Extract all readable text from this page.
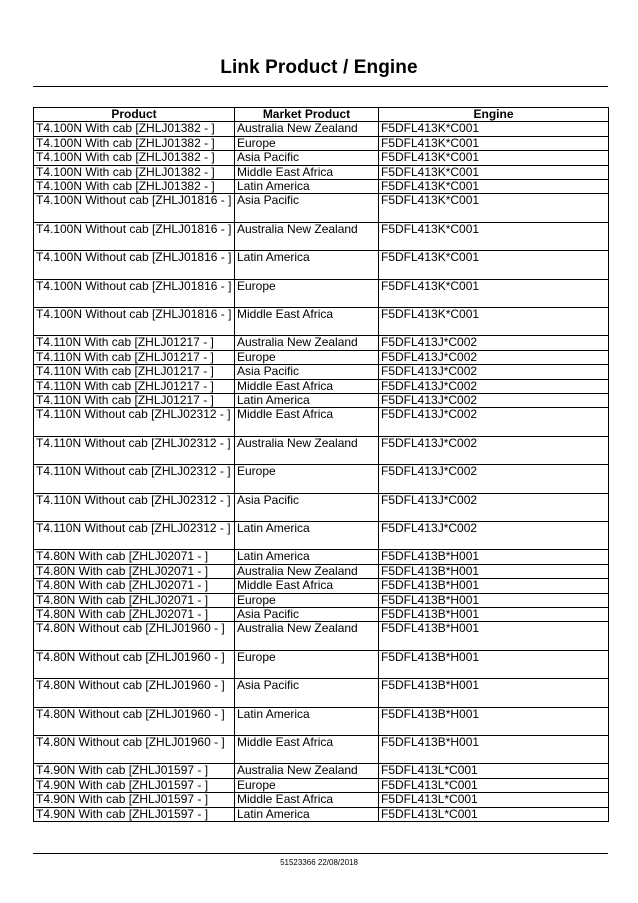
Link Product / Engine
Product	Market Product	Engine
T4.100N With cab [ZHLJ01382 - ]	Australia New Zealand	F5DFL413K*C001
T4.100N With cab [ZHLJ01382 - ]	Europe	F5DFL413K*C001
T4.100N With cab [ZHLJ01382 - ]	Asia Pacific	F5DFL413K*C001
T4.100N With cab [ZHLJ01382 - ]	Middle East Africa	F5DFL413K*C001
T4.100N With cab [ZHLJ01382 - ]	Latin America	F5DFL413K*C001
T4.100N Without cab [ZHLJ01816 - ]	Asia Pacific	F5DFL413K*C001
T4.100N Without cab [ZHLJ01816 - ]	Australia New Zealand	F5DFL413K*C001
T4.100N Without cab [ZHLJ01816 - ]	Latin America	F5DFL413K*C001
T4.100N Without cab [ZHLJ01816 - ]	Europe	F5DFL413K*C001
T4.100N Without cab [ZHLJ01816 - ]	Middle East Africa	F5DFL413K*C001
T4.110N With cab [ZHLJ01217 - ]	Australia New Zealand	F5DFL413J*C002
T4.110N With cab [ZHLJ01217 - ]	Europe	F5DFL413J*C002
T4.110N With cab [ZHLJ01217 - ]	Asia Pacific	F5DFL413J*C002
T4.110N With cab [ZHLJ01217 - ]	Middle East Africa	F5DFL413J*C002
T4.110N With cab [ZHLJ01217 - ]	Latin America	F5DFL413J*C002
T4.110N Without cab [ZHLJ02312 - ]	Middle East Africa	F5DFL413J*C002
T4.110N Without cab [ZHLJ02312 - ]	Australia New Zealand	F5DFL413J*C002
T4.110N Without cab [ZHLJ02312 - ]	Europe	F5DFL413J*C002
T4.110N Without cab [ZHLJ02312 - ]	Asia Pacific	F5DFL413J*C002
T4.110N Without cab [ZHLJ02312 - ]	Latin America	F5DFL413J*C002
T4.80N With cab [ZHLJ02071 - ]	Latin America	F5DFL413B*H001
T4.80N With cab [ZHLJ02071 - ]	Australia New Zealand	F5DFL413B*H001
T4.80N With cab [ZHLJ02071 - ]	Middle East Africa	F5DFL413B*H001
T4.80N With cab [ZHLJ02071 - ]	Europe	F5DFL413B*H001
T4.80N With cab [ZHLJ02071 - ]	Asia Pacific	F5DFL413B*H001
T4.80N Without cab [ZHLJ01960 - ]	Australia New Zealand	F5DFL413B*H001
T4.80N Without cab [ZHLJ01960 - ]	Europe	F5DFL413B*H001
T4.80N Without cab [ZHLJ01960 - ]	Asia Pacific	F5DFL413B*H001
T4.80N Without cab [ZHLJ01960 - ]	Latin America	F5DFL413B*H001
T4.80N Without cab [ZHLJ01960 - ]	Middle East Africa	F5DFL413B*H001
T4.90N With cab [ZHLJ01597 - ]	Australia New Zealand	F5DFL413L*C001
T4.90N With cab [ZHLJ01597 - ]	Europe	F5DFL413L*C001
T4.90N With cab [ZHLJ01597 - ]	Middle East Africa	F5DFL413L*C001
T4.90N With cab [ZHLJ01597 - ]	Latin America	F5DFL413L*C001
51523366 22/08/2018
